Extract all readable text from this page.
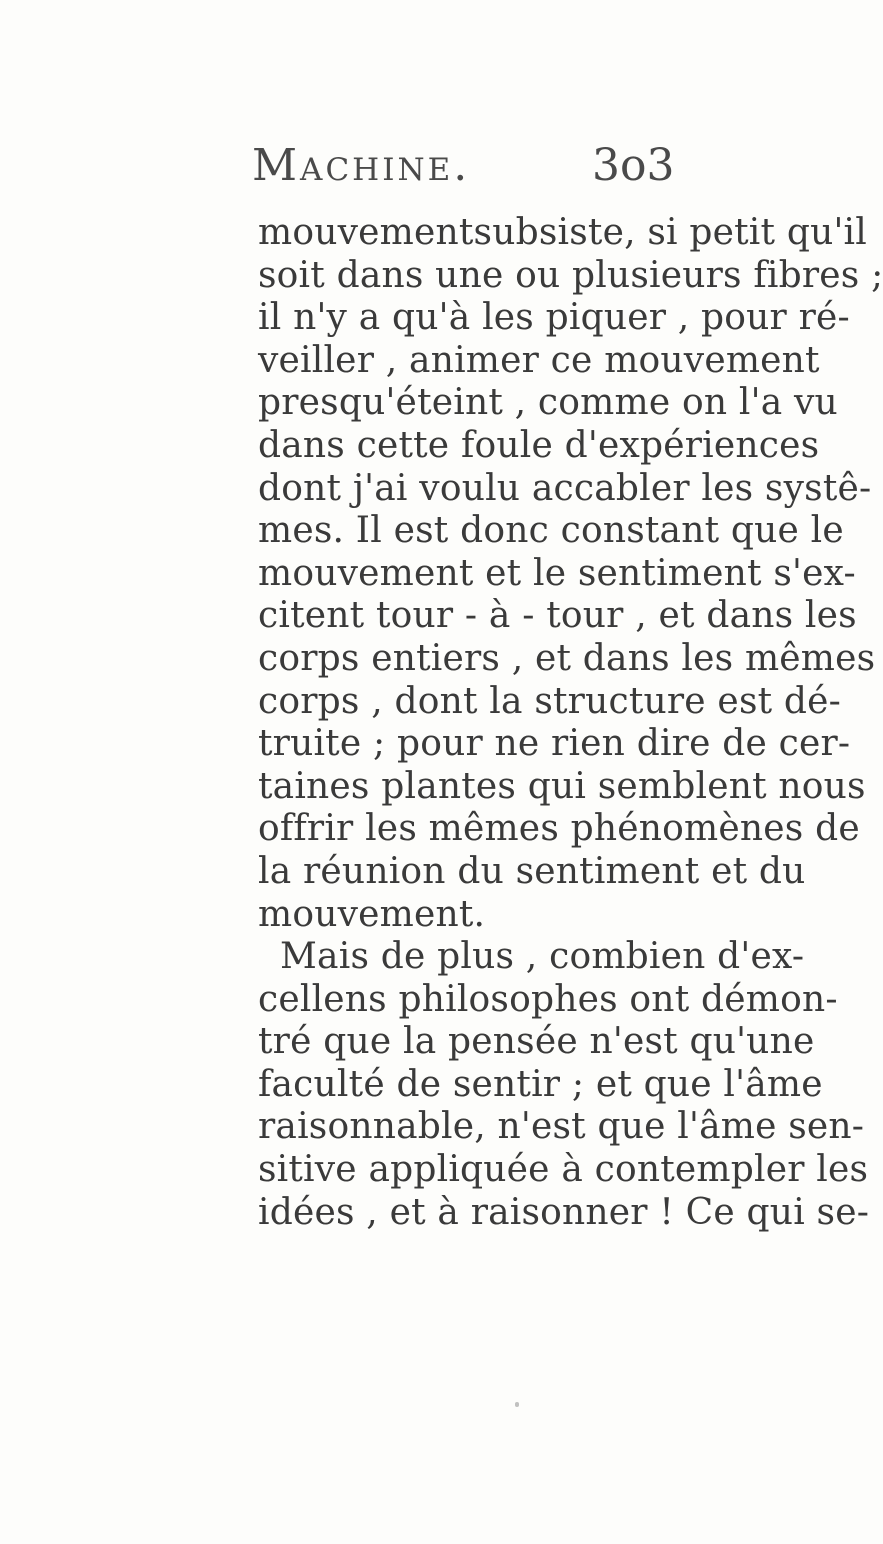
Machine.	3o3
mouvementsubsiste, si petit qu'il
soit dans une ou plusieurs fibres ;
il n'y a qu'à les piquer , pour ré-
veiller , animer ce mouvement
presqu'éteint , comme on l'a vu
dans cette foule d'expériences
dont j'ai voulu accabler les systê-
mes. Il est donc constant que le
mouvement et le sentiment s'ex-
citent tour - à - tour , et dans les
corps entiers , et dans les mêmes
corps , dont la structure est dé-
truite ; pour ne rien dire de cer-
taines plantes qui semblent nous
offrir les mêmes phénomènes de
la réunion du sentiment et du
mouvement.
Mais de plus , combien d'ex-
cellens philosophes ont démon-
tré que la pensée n'est qu'une
faculté de sentir ; et que l'âme
raisonnable, n'est que l'âme sen-
sitive appliquée à contempler les
idées , et à raisonner ! Ce qui se-
